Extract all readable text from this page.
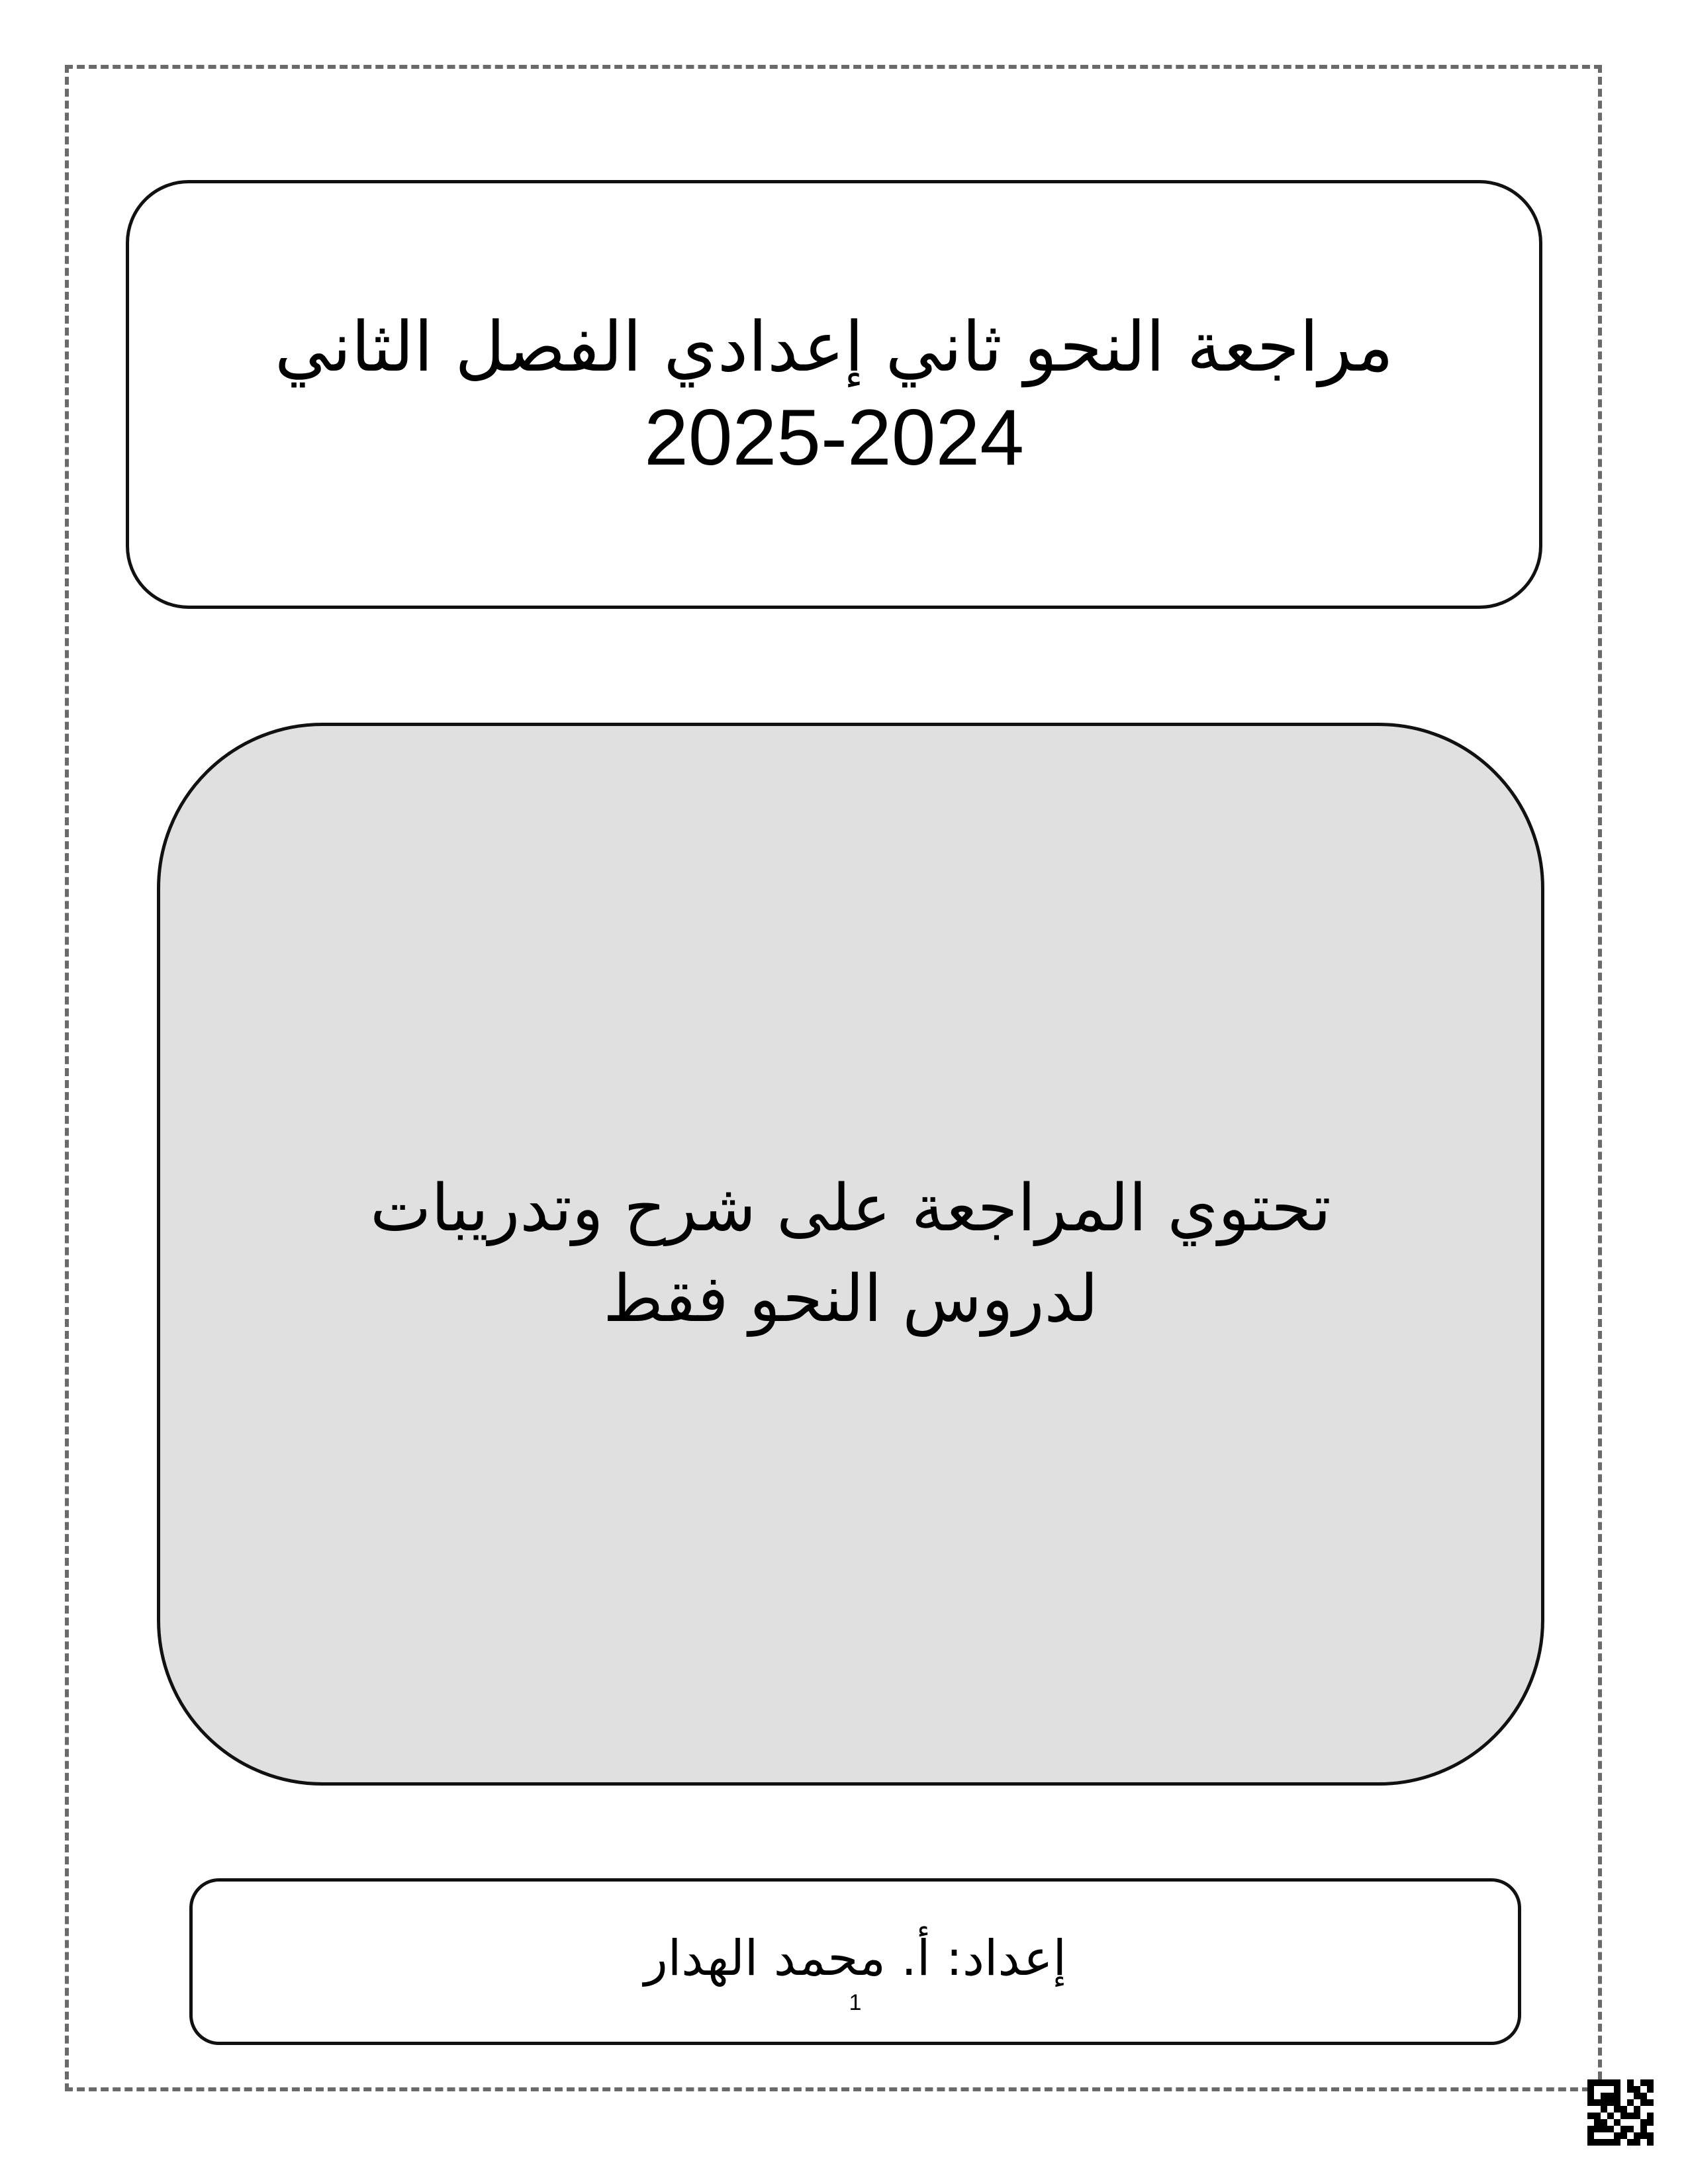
مراجعة النحو ثاني إعدادي الفصل الثاني
2025-2024
تحتوي المراجعة على شرح وتدريبات
لدروس النحو فقط
إعداد: أ. محمد الهدار
1
